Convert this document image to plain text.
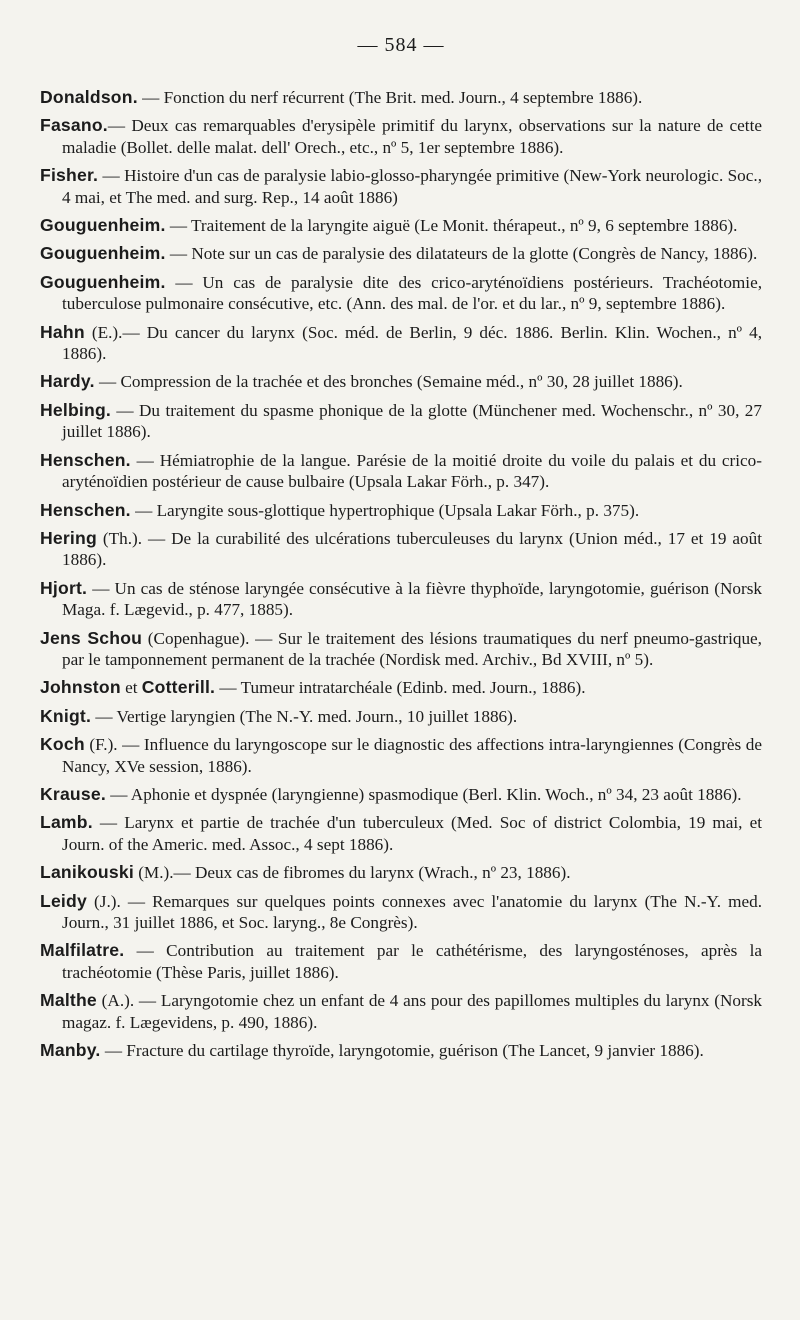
— 584 —
Donaldson. — Fonction du nerf récurrent (The Brit. med. Journ., 4 septembre 1886).
Fasano.— Deux cas remarquables d'erysipèle primitif du larynx, observations sur la nature de cette maladie (Bollet. delle malat. dell' Orech., etc., nº 5, 1er septembre 1886).
Fisher. — Histoire d'un cas de paralysie labio-glosso-pharyngée primitive (New-York neurologic. Soc., 4 mai, et The med. and surg. Rep., 14 août 1886)
Gouguenheim. — Traitement de la laryngite aiguë (Le Monit. thérapeut., nº 9, 6 septembre 1886).
Gouguenheim. — Note sur un cas de paralysie des dilatateurs de la glotte (Congrès de Nancy, 1886).
Gouguenheim. — Un cas de paralysie dite des crico-aryténoïdiens postérieurs. Trachéotomie, tuberculose pulmonaire consécutive, etc. (Ann. des mal. de l'or. et du lar., nº 9, septembre 1886).
Hahn (E.).— Du cancer du larynx (Soc. méd. de Berlin, 9 déc. 1886. Berlin. Klin. Wochen., nº 4, 1886).
Hardy. — Compression de la trachée et des bronches (Semaine méd., nº 30, 28 juillet 1886).
Helbing. — Du traitement du spasme phonique de la glotte (Münchener med. Wochenschr., nº 30, 27 juillet 1886).
Henschen. — Hémiatrophie de la langue. Parésie de la moitié droite du voile du palais et du crico-aryténoïdien postérieur de cause bulbaire (Upsala Lakar Förh., p. 347).
Henschen. — Laryngite sous-glottique hypertrophique (Upsala Lakar Förh., p. 375).
Hering (Th.). — De la curabilité des ulcérations tuberculeuses du larynx (Union méd., 17 et 19 août 1886).
Hjort. — Un cas de sténose laryngée consécutive à la fièvre thyphoïde, laryngotomie, guérison (Norsk Maga. f. Lægevid., p. 477, 1885).
Jens Schou (Copenhague). — Sur le traitement des lésions traumatiques du nerf pneumo-gastrique, par le tamponnement permanent de la trachée (Nordisk med. Archiv., Bd XVIII, nº 5).
Johnston et Cotterill. — Tumeur intratarchéale (Edinb. med. Journ., 1886).
Knigt. — Vertige laryngien (The N.-Y. med. Journ., 10 juillet 1886).
Koch (F.). — Influence du laryngoscope sur le diagnostic des affections intra-laryngiennes (Congrès de Nancy, XVe session, 1886).
Krause. — Aphonie et dyspnée (laryngienne) spasmodique (Berl. Klin. Woch., nº 34, 23 août 1886).
Lamb. — Larynx et partie de trachée d'un tuberculeux (Med. Soc of district Colombia, 19 mai, et Journ. of the Americ. med. Assoc., 4 sept 1886).
Lanikouski (M.).— Deux cas de fibromes du larynx (Wrach., nº 23, 1886).
Leidy (J.). — Remarques sur quelques points connexes avec l'anatomie du larynx (The N.-Y. med. Journ., 31 juillet 1886, et Soc. laryng., 8e Congrès).
Malfilatre. — Contribution au traitement par le cathétérisme, des laryngosténoses, après la trachéotomie (Thèse Paris, juillet 1886).
Malthe (A.). — Laryngotomie chez un enfant de 4 ans pour des papillomes multiples du larynx (Norsk magaz. f. Lægevidens, p. 490, 1886).
Manby. — Fracture du cartilage thyroïde, laryngotomie, guérison (The Lancet, 9 janvier 1886).
